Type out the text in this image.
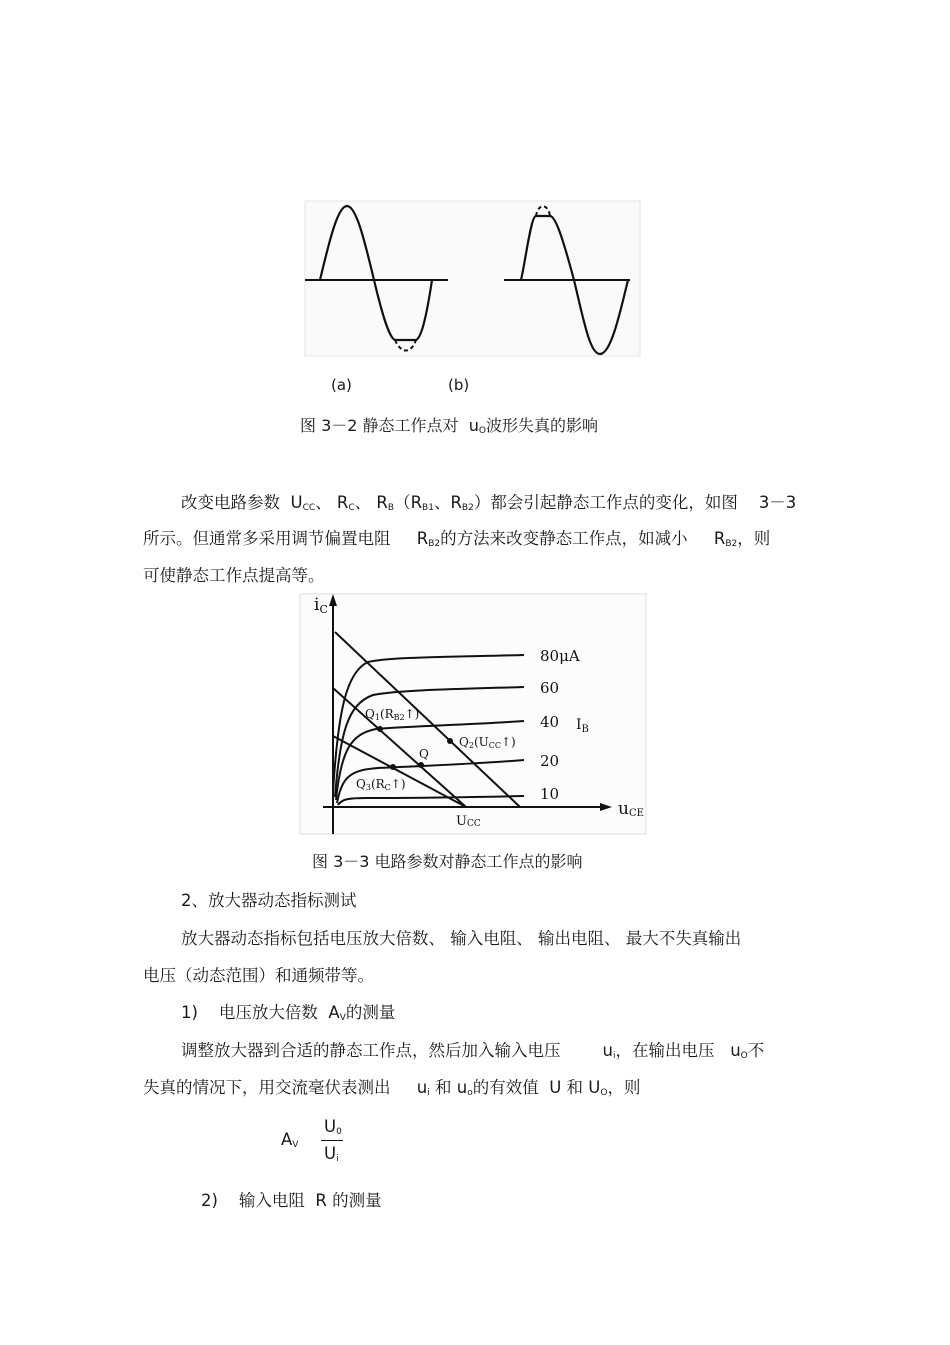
(a)	(b)
图 3－2 静态工作点对 $u_O$波形失真的影响
改变电路参数 $U_{CC}$、 $R_C$、 $R_B(R_{B1}$、$R_{B2}$）都会引起静态工作点的变化，如图 3－3
所示。但通常多采用调节偏置电阻 $R_{B2}$的方法来改变静态工作点，如减小 $R_{B2}$，则
可使静态工作点提高等。
iC
uCE
80μA
60
40
20
10
$I_B$
Q1(RB2↑)
Q2(UCC↑)
Q
Q3(RC↑)
UCC
图 3－3 电路参数对静态工作点的影响
2、放大器动态指标测试
放大器动态指标包括电压放大倍数、 输入电阻、 输出电阻、 最大不失真输出
电压（动态范围）和通频带等。
1) 电压放大倍数 $A_V$的测量
调整放大器到合适的静态工作点，然后加入输入电压	$u_i$，在输出电压 $u_O$不
失真的情况下，用交流毫伏表测出 $u_i$ 和 $u_o$的有效值 U 和 $U_O$，则
$A_V$
$U_0$
$U_i$
2) 输入电阻 R 的测量
